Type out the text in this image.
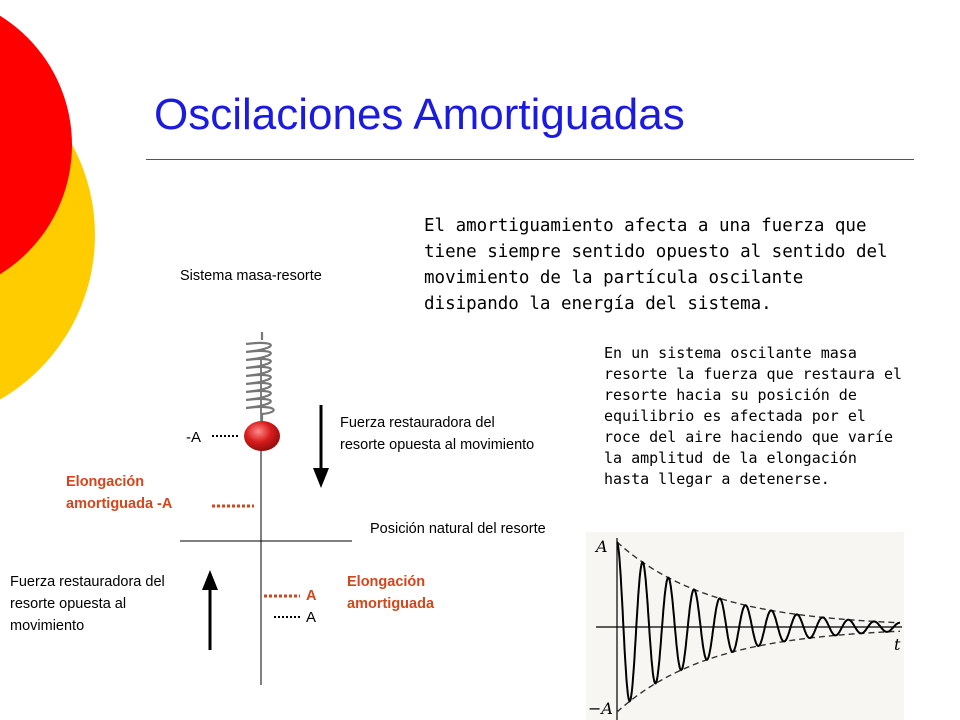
Oscilaciones Amortiguadas
El amortiguamiento afecta a una fuerza que tiene siempre sentido opuesto al sentido del movimiento de la partícula oscilante disipando la energía del sistema.
En un sistema oscilante masa resorte la fuerza que restaura el resorte hacia su posición de equilibrio es afectada por el roce del aire haciendo que varíe la amplitud de la elongación hasta llegar a detenerse.
A
−A
t
Sistema masa-resorte
-A
Fuerza restauradora del resorte opuesta al movimiento
Elongación amortiguada -A
Posición natural del resorte
Fuerza restauradora del resorte opuesta al movimiento
Elongación amortiguada
A
A
